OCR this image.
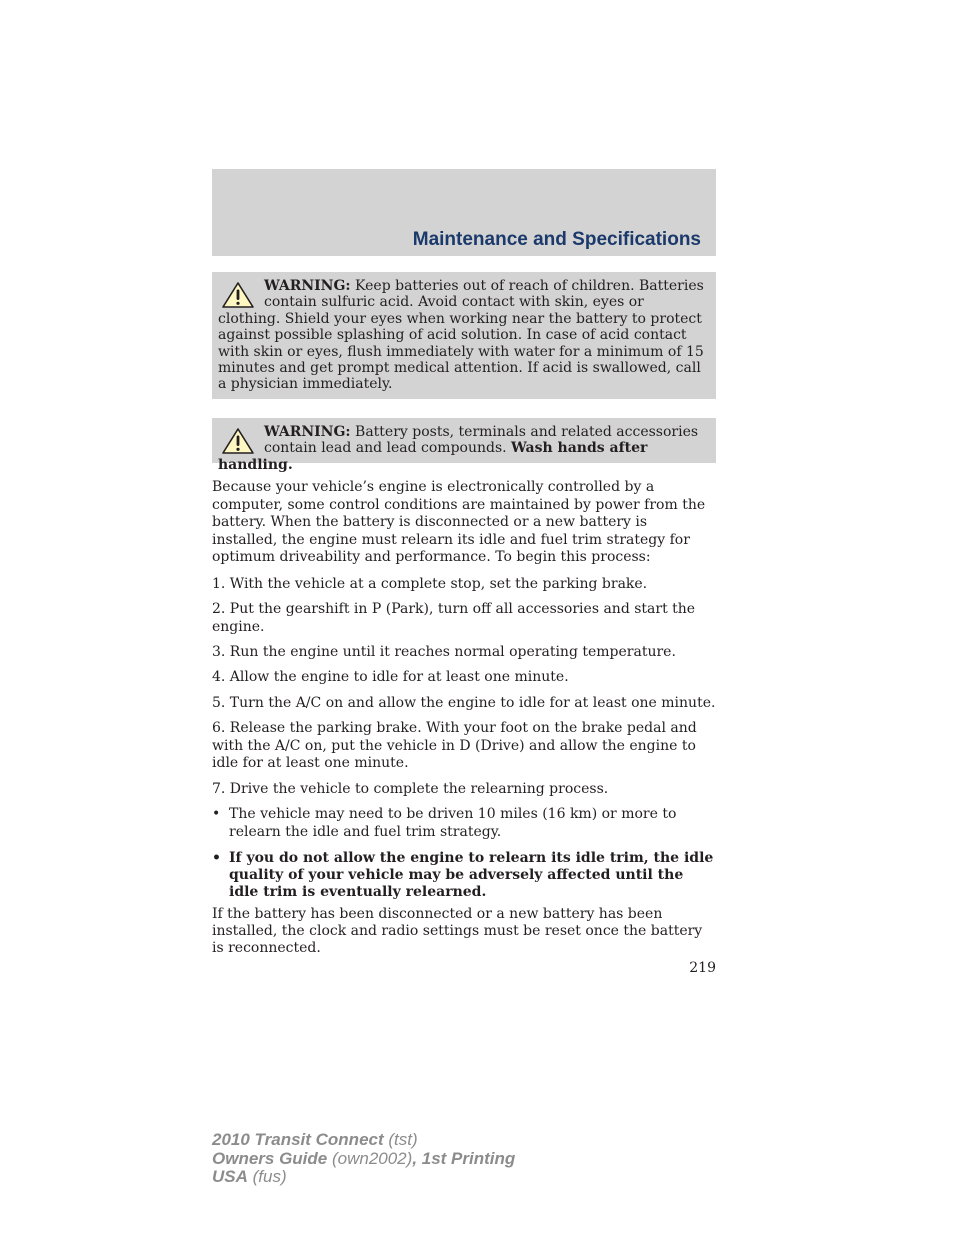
Maintenance and Specifications
WARNING: Keep batteries out of reach of children. Batteries contain sulfuric acid. Avoid contact with skin, eyes or clothing. Shield your eyes when working near the battery to protect against possible splashing of acid solution. In case of acid contact with skin or eyes, flush immediately with water for a minimum of 15 minutes and get prompt medical attention. If acid is swallowed, call a physician immediately.
WARNING: Battery posts, terminals and related accessories contain lead and lead compounds. Wash hands after handling.

Because your vehicle’s engine is electronically controlled by a computer, some control conditions are maintained by power from the battery. When the battery is disconnected or a new battery is installed, the engine must relearn its idle and fuel trim strategy for optimum driveability and performance. To begin this process:

1. With the vehicle at a complete stop, set the parking brake.

2. Put the gearshift in P (Park), turn off all accessories and start the engine.

3. Run the engine until it reaches normal operating temperature.

4. Allow the engine to idle for at least one minute.

5. Turn the A/C on and allow the engine to idle for at least one minute.

6. Release the parking brake. With your foot on the brake pedal and with the A/C on, put the vehicle in D (Drive) and allow the engine to idle for at least one minute.

7. Drive the vehicle to complete the relearning process.

• The vehicle may need to be driven 10 miles (16 km) or more to relearn the idle and fuel trim strategy.
• If you do not allow the engine to relearn its idle trim, the idle quality of your vehicle may be adversely affected until the idle trim is eventually relearned.

If the battery has been disconnected or a new battery has been installed, the clock and radio settings must be reset once the battery is reconnected.

219
2010 Transit Connect (tst)
Owners Guide (own2002), 1st Printing
USA (fus)
